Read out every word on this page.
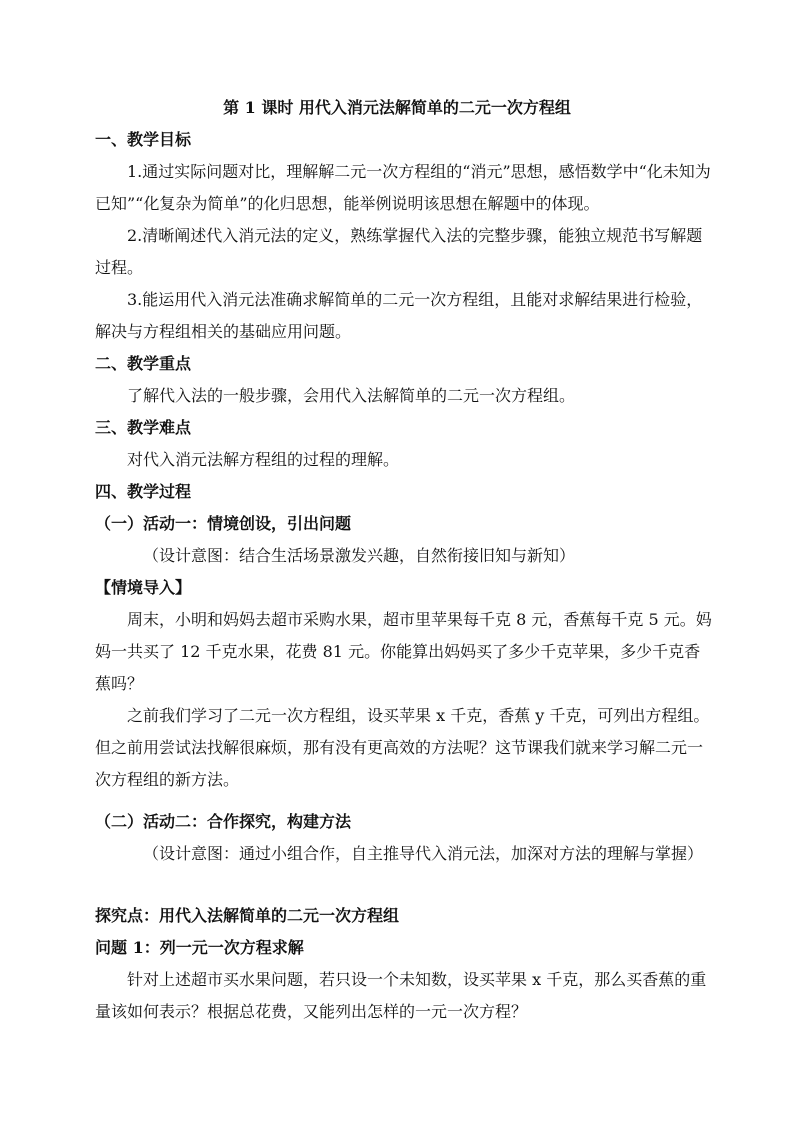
第 1 课时 用代入消元法解简单的二元一次方程组

一、教学目标

1.通过实际问题对比，理解解二元一次方程组的“消元”思想，感悟数学中“化未知为已知”“化复杂为简单”的化归思想，能举例说明该思想在解题中的体现。

2.清晰阐述代入消元法的定义，熟练掌握代入法的完整步骤，能独立规范书写解题过程。

3.能运用代入消元法准确求解简单的二元一次方程组，且能对求解结果进行检验，解决与方程组相关的基础应用问题。

二、教学重点

了解代入法的一般步骤，会用代入法解简单的二元一次方程组。

三、教学难点

对代入消元法解方程组的过程的理解。

四、教学过程

（一）活动一：情境创设，引出问题

（设计意图：结合生活场景激发兴趣，自然衔接旧知与新知）

【情境导入】

周末，小明和妈妈去超市采购水果，超市里苹果每千克 8 元，香蕉每千克 5 元。妈妈一共买了 12 千克水果，花费 81 元。你能算出妈妈买了多少千克苹果，多少千克香蕉吗？

之前我们学习了二元一次方程组，设买苹果 x 千克，香蕉 y 千克，可列出方程组。但之前用尝试法找解很麻烦，那有没有更高效的方法呢？这节课我们就来学习解二元一次方程组的新方法。

（二）活动二：合作探究，构建方法

（设计意图：通过小组合作，自主推导代入消元法，加深对方法的理解与掌握）

探究点：用代入法解简单的二元一次方程组

问题 1：列一元一次方程求解

针对上述超市买水果问题，若只设一个未知数，设买苹果 x 千克，那么买香蕉的重量该如何表示？根据总花费，又能列出怎样的一元一次方程？
